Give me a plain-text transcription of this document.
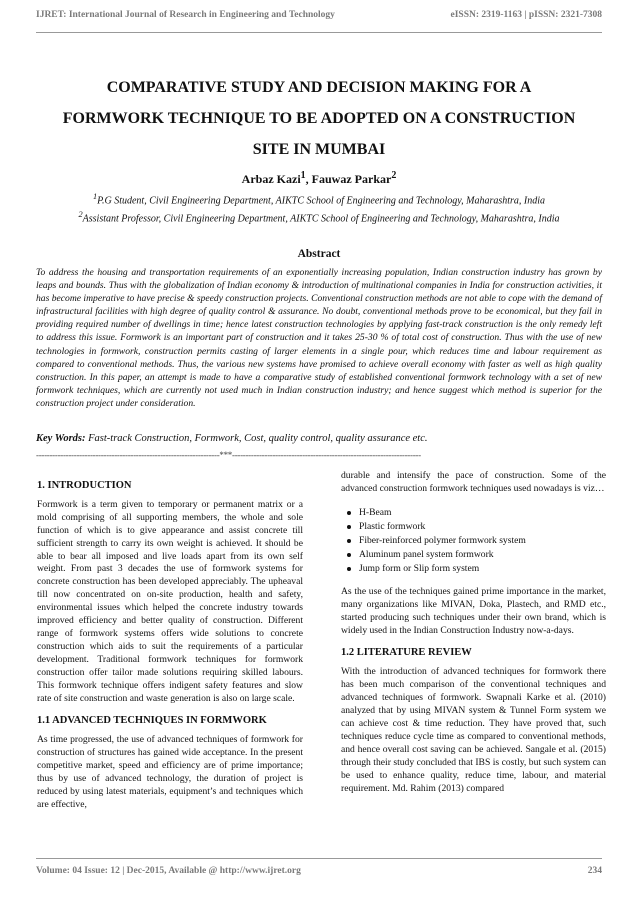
IJRET: International Journal of Research in Engineering and Technology	eISSN: 2319-1163 | pISSN: 2321-7308
COMPARATIVE STUDY AND DECISION MAKING FOR A
FORMWORK TECHNIQUE TO BE ADOPTED ON A CONSTRUCTION
SITE IN MUMBAI
Arbaz Kazi$^1$, Fauwaz Parkar$^2$
$^1$P.G Student, Civil Engineering Department, AIKTC School of Engineering and Technology, Maharashtra, India
$^2$Assistant Professor, Civil Engineering Department, AIKTC School of Engineering and Technology, Maharashtra, India
Abstract
To address the housing and transportation requirements of an exponentially increasing population, Indian construction industry has grown by leaps and bounds. Thus with the globalization of Indian economy & introduction of multinational companies in India for construction activities, it has become imperative to have precise & speedy construction projects. Conventional construction methods are not able to cope with the demand of infrastructural facilities with high degree of quality control & assurance. No doubt, conventional methods prove to be economical, but they fail in providing required number of dwellings in time; hence latest construction technologies by applying fast-track construction is the only remedy left to address this issue. Formwork is an important part of construction and it takes 25-30 % of total cost of construction. Thus with the use of new technologies in formwork, construction permits casting of larger elements in a single pour, which reduces time and labour requirement as compared to conventional methods. Thus, the various new systems have promised to achieve overall economy with faster as well as high quality construction. In this paper, an attempt is made to have a comparative study of established conventional formwork technology with a set of new formwork techniques, which are currently not used much in Indian construction industry; and hence suggest which method is superior for the construction project under consideration.
Key Words: Fast-track Construction, Formwork, Cost, quality control, quality assurance etc.
--------------------------------------------------------------------***----------------------------------------------------------------------
1. INTRODUCTION

Formwork is a term given to temporary or permanent matrix or a mold comprising of all supporting members, the whole and sole function of which is to give appearance and assist concrete till sufficient strength to carry its own weight is achieved. It should be able to bear all imposed and live loads apart from its own self weight. From past 3 decades the use of formwork systems for concrete construction has been developed appreciably. The upheaval till now concentrated on on-site production, health and safety, environmental issues which helped the concrete industry towards improved efficiency and better quality of construction. Different range of formwork systems offers wide solutions to concrete construction which aids to suit the requirements of a particular development. Traditional formwork techniques for formwork construction offer tailor made solutions requiring skilled labours. This formwork technique offers indigent safety features and slow rate of site construction and waste generation is also on large scale.

1.1 ADVANCED TECHNIQUES IN FORMWORK

As time progressed, the use of advanced techniques of formwork for construction of structures has gained wide acceptance. In the present competitive market, speed and efficiency are of prime importance; thus by use of advanced technology, the duration of project is reduced by using latest materials, equipment’s and techniques which are effective,

durable and intensify the pace of construction. Some of the advanced construction formwork techniques used nowadays is viz…

H-Beam
Plastic formwork
Fiber-reinforced polymer formwork system
Aluminum panel system formwork
Jump form or Slip form system

As the use of the techniques gained prime importance in the market, many organizations like MIVAN, Doka, Plastech, and RMD etc., started producing such techniques under their own brand, which is widely used in the Indian Construction Industry now-a-days.

1.2 LITERATURE REVIEW

With the introduction of advanced techniques for formwork there has been much comparison of the conventional techniques and advanced techniques of formwork. Swapnali Karke et al. (2010) analyzed that by using MIVAN system & Tunnel Form system we can achieve cost & time reduction. They have proved that, such techniques reduce cycle time as compared to conventional methods, and hence overall cost saving can be achieved. Sangale et al. (2015) through their study concluded that IBS is costly, but such system can be used to enhance quality, reduce time, labour, and material requirement. Md. Rahim (2013) compared

Volume: 04 Issue: 12 | Dec-2015, Available @ http://www.ijret.org	234
